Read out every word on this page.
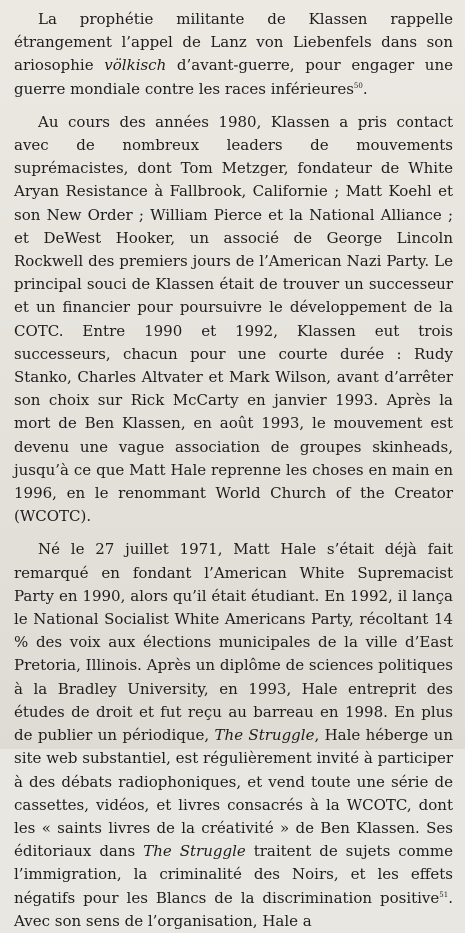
La prophétie militante de Klassen rappelle étrangement l’appel de Lanz von Liebenfels dans son ariosophie völkisch d’avant-guerre, pour engager une guerre mondiale contre les races inférieures$^{50}$.

Au cours des années 1980, Klassen a pris contact avec de nombreux leaders de mouvements suprémacistes, dont Tom Metzger, fondateur de White Aryan Resistance à Fallbrook, Californie ; Matt Koehl et son New Order ; William Pierce et la National Alliance ; et DeWest Hooker, un associé de George Lincoln Rockwell des premiers jours de l’American Nazi Party. Le principal souci de Klassen était de trouver un successeur et un financier pour poursuivre le développement de la COTC. Entre 1990 et 1992, Klassen eut trois successeurs, chacun pour une courte durée : Rudy Stanko, Charles Altvater et Mark Wilson, avant d’arrêter son choix sur Rick McCarty en janvier 1993. Après la mort de Ben Klassen, en août 1993, le mouvement est devenu une vague association de groupes skinheads, jusqu’à ce que Matt Hale reprenne les choses en main en 1996, en le renommant World Church of the Creator (WCOTC).

Né le 27 juillet 1971, Matt Hale s’était déjà fait remarqué en fondant l’American White Supremacist Party en 1990, alors qu’il était étudiant. En 1992, il lança le National Socialist White Americans Party, récoltant 14 % des voix aux élections municipales de la ville d’East Pretoria, Illinois. Après un diplôme de sciences politiques à la Bradley University, en 1993, Hale entreprit des études de droit et fut reçu au barreau en 1998. En plus de publier un périodique, The Struggle, Hale héberge un site web substantiel, est régulièrement invité à participer à des débats radiophoniques, et vend toute une série de cassettes, vidéos, et livres consacrés à la WCOTC, dont les « saints livres de la créativité » de Ben Klassen. Ses éditoriaux dans The Struggle traitent de sujets comme l’immigration, la criminalité des Noirs, et les effets négatifs pour les Blancs de la discrimination positive$^{51}$. Avec son sens de l’organisation, Hale a
